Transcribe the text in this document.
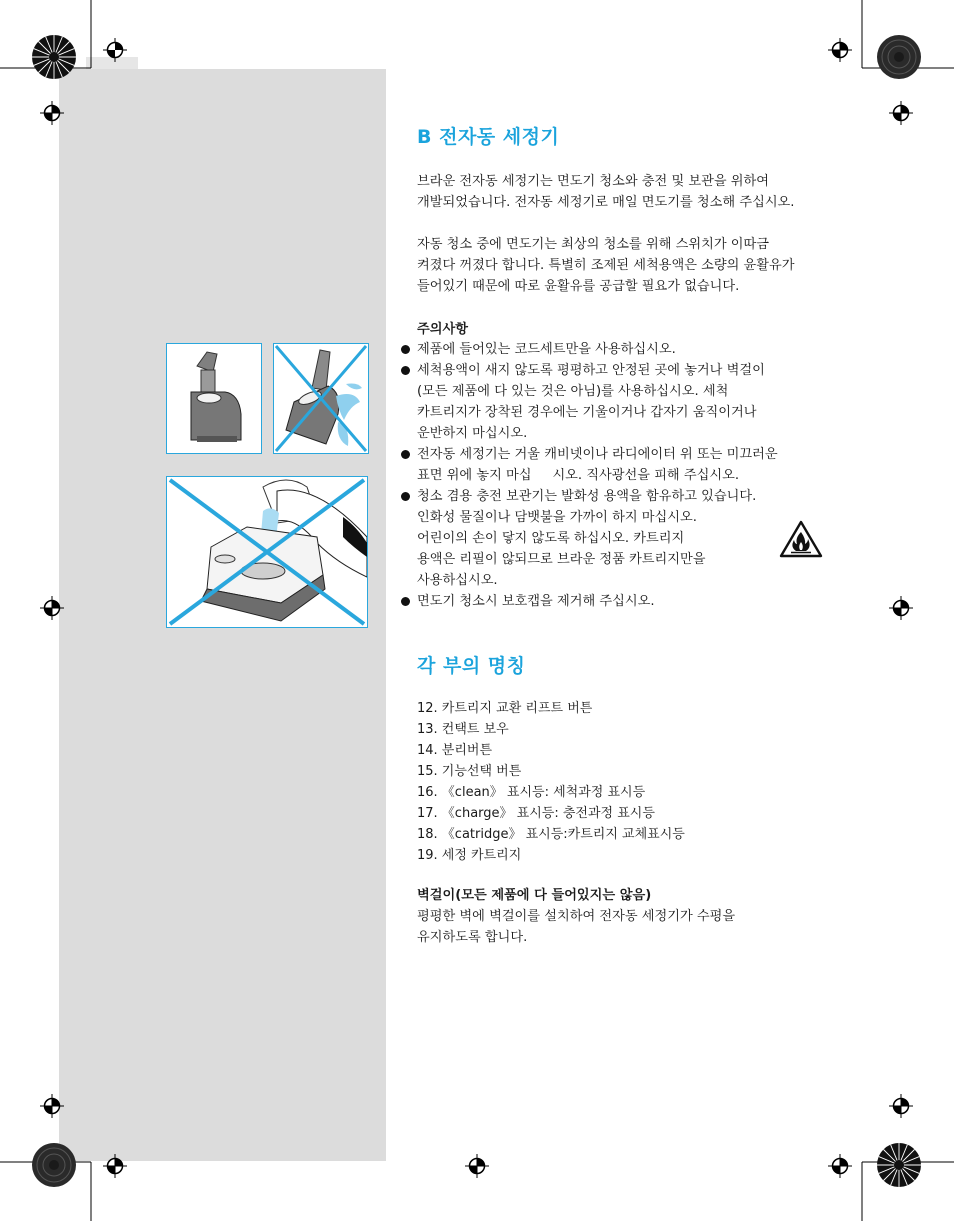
B 전자동 세정기

브라운 전자동 세정기는 면도기 청소와 충전 및 보관을 위하여
개발되었습니다. 전자동 세정기로 매일 면도기를 청소해 주십시오.

자동 청소 중에 면도기는 최상의 청소를 위해 스위치가 이따금
켜졌다 꺼졌다 합니다. 특별히 조제된 세척용액은 소량의 윤활유가
들어있기 때문에 따로 윤활유를 공급할 필요가 없습니다.

주의사항
제품에 들어있는 코드세트만을 사용하십시오.
세척용액이 새지 않도록 평평하고 안정된 곳에 놓거나 벽걸이
(모든 제품에 다 있는 것은 아님)를 사용하십시오. 세척
카트리지가 장착된 경우에는 기울이거나 갑자기 움직이거나
운반하지 마십시오.
전자동 세정기는 거울 캐비넷이나 라디에이터 위 또는 미끄러운
표면 위에 놓지 마십     시오. 직사광선을 피해 주십시오.
청소 겸용 충전 보관기는 발화성 용액을 함유하고 있습니다.
인화성 물질이나 담뱃불을 가까이 하지 마십시오.
어린이의 손이 닿지 않도록 하십시오. 카트리지
용액은 리필이 않되므로 브라운 정품 카트리지만을
사용하십시오.
면도기 청소시 보호캡을 제거해 주십시오.
각 부의 명칭
12. 카트리지 교환 리프트 버튼
13. 컨택트 보우
14. 분리버튼
15. 기능선택 버튼
16. 《clean》 표시등: 세척과정 표시등
17. 《charge》 표시등: 충전과정 표시등
18. 《catridge》 표시등:카트리지 교체표시등
19. 세정 카트리지
벽걸이(모든 제품에 다 들어있지는 않음)

평평한 벽에 벽걸이를 설치하여 전자동 세정기가 수평을
유지하도록 합니다.
